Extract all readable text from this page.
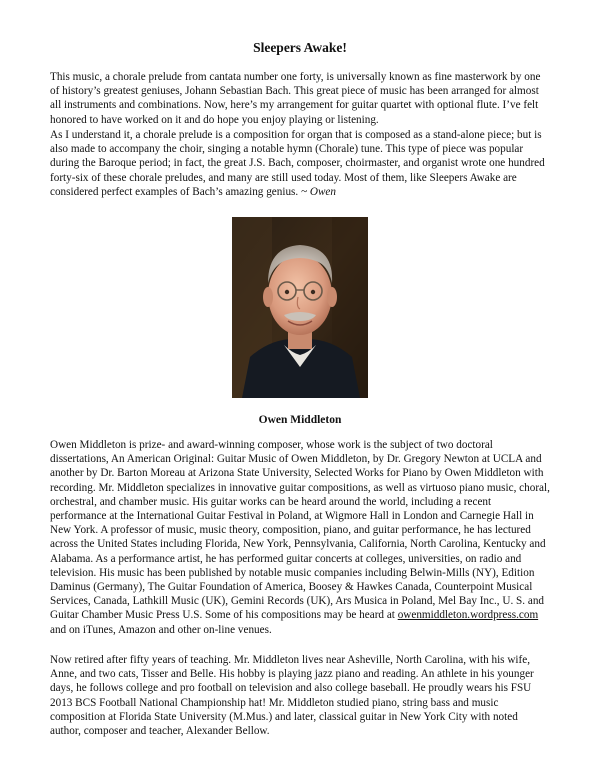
Sleepers Awake!

This music, a chorale prelude from cantata number one forty, is universally known as fine masterwork by one of history’s greatest geniuses, Johann Sebastian Bach. This great piece of music has been arranged for almost all instruments and combinations. Now, here’s my arrangement for guitar quartet with optional flute. I’ve felt honored to have worked on it and do hope you enjoy playing or listening.

As I understand it, a chorale prelude is a composition for organ that is composed as a stand-alone piece; but is also made to accompany the choir, singing a notable hymn (Chorale) tune. This type of piece was popular during the Baroque period; in fact, the great J.S. Bach, composer, choirmaster, and organist wrote one hundred forty-six of these chorale preludes, and many are still used today. Most of them, like Sleepers Awake are considered perfect examples of Bach’s amazing genius. ~ Owen

Owen Middleton

Owen Middleton is prize- and award-winning composer, whose work is the subject of two doctoral dissertations, An American Original: Guitar Music of Owen Middleton, by Dr. Gregory Newton at UCLA and another by Dr. Barton Moreau at Arizona State University, Selected Works for Piano by Owen Middleton with recording. Mr. Middleton specializes in innovative guitar compositions, as well as virtuoso piano music, choral, orchestral, and chamber music. His guitar works can be heard around the world, including a recent performance at the International Guitar Festival in Poland, at Wigmore Hall in London and Carnegie Hall in New York. A professor of music, music theory, composition, piano, and guitar performance, he has lectured across the United States including Florida, New York, Pennsylvania, California, North Carolina, Kentucky and Alabama. As a performance artist, he has performed guitar concerts at colleges, universities, on radio and television. His music has been published by notable music companies including Belwin-Mills (NY), Edition Daminus (Germany), The Guitar Foundation of America, Boosey & Hawkes Canada, Counterpoint Musical Services, Canada, Lathkill Music (UK), Gemini Records (UK), Ars Musica in Poland, Mel Bay Inc., U. S. and Guitar Chamber Music Press U.S. Some of his compositions may be heard at owenmiddleton.wordpress.com and on iTunes, Amazon and other on-line venues.

Now retired after fifty years of teaching. Mr. Middleton lives near Asheville, North Carolina, with his wife, Anne, and two cats, Tisser and Belle. His hobby is playing jazz piano and reading. An athlete in his younger days, he follows college and pro football on television and also college baseball. He proudly wears his FSU 2013 BCS Football National Championship hat! Mr. Middleton studied piano, string bass and music composition at Florida State University (M.Mus.) and later, classical guitar in New York City with noted author, composer and teacher, Alexander Bellow.
